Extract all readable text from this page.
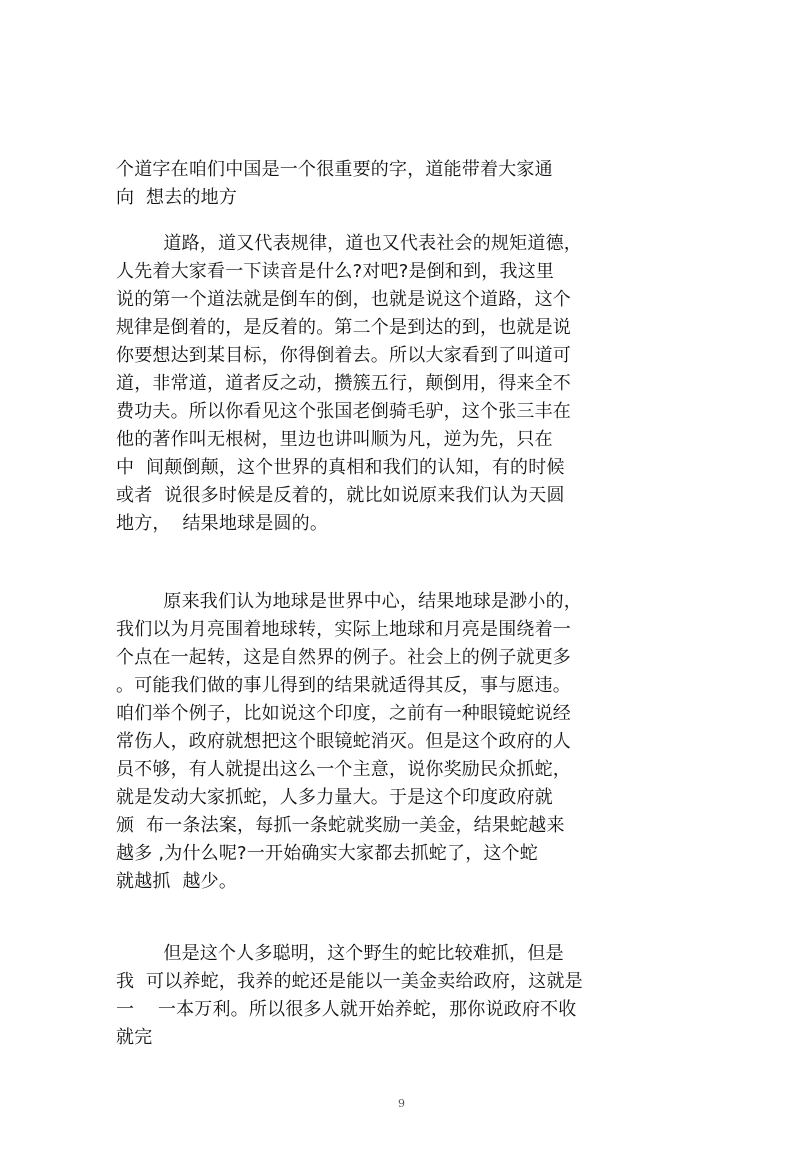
个道字在咱们中国是一个很重要的字，道能带着大家通
向  想去的地方
道路，道又代表规律，道也又代表社会的规矩道德，
人先着大家看一下读音是什么?对吧?是倒和到，我这里
说的第一个道法就是倒车的倒，也就是说这个道路，这个
规律是倒着的，是反着的。第二个是到达的到，也就是说
你要想达到某目标，你得倒着去。所以大家看到了叫道可
道，非常道，道者反之动，攒簇五行，颠倒用，得来全不
费功夫。所以你看见这个张国老倒骑毛驴，这个张三丰在
他的著作叫无根树，里边也讲叫顺为凡，逆为先，只在
中  间颠倒颠，这个世界的真相和我们的认知，有的时候
或者  说很多时候是反着的，就比如说原来我们认为天圆
地方，  结果地球是圆的。
原来我们认为地球是世界中心，结果地球是渺小的，
我们以为月亮围着地球转，实际上地球和月亮是围绕着一
个点在一起转，这是自然界的例子。社会上的例子就更多
。可能我们做的事儿得到的结果就适得其反，事与愿违。
咱们举个例子，比如说这个印度，之前有一种眼镜蛇说经
常伤人，政府就想把这个眼镜蛇消灭。但是这个政府的人
员不够，有人就提出这么一个主意，说你奖励民众抓蛇，
就是发动大家抓蛇，人多力量大。于是这个印度政府就
颁  布一条法案，每抓一条蛇就奖励一美金，结果蛇越来
越多 ,为什么呢?一开始确实大家都去抓蛇了，这个蛇
就越抓  越少。
但是这个人多聪明，这个野生的蛇比较难抓，但是
我  可以养蛇，我养的蛇还是能以一美金卖给政府，这就是
一    一本万利。所以很多人就开始养蛇，那你说政府不收
就完
9
